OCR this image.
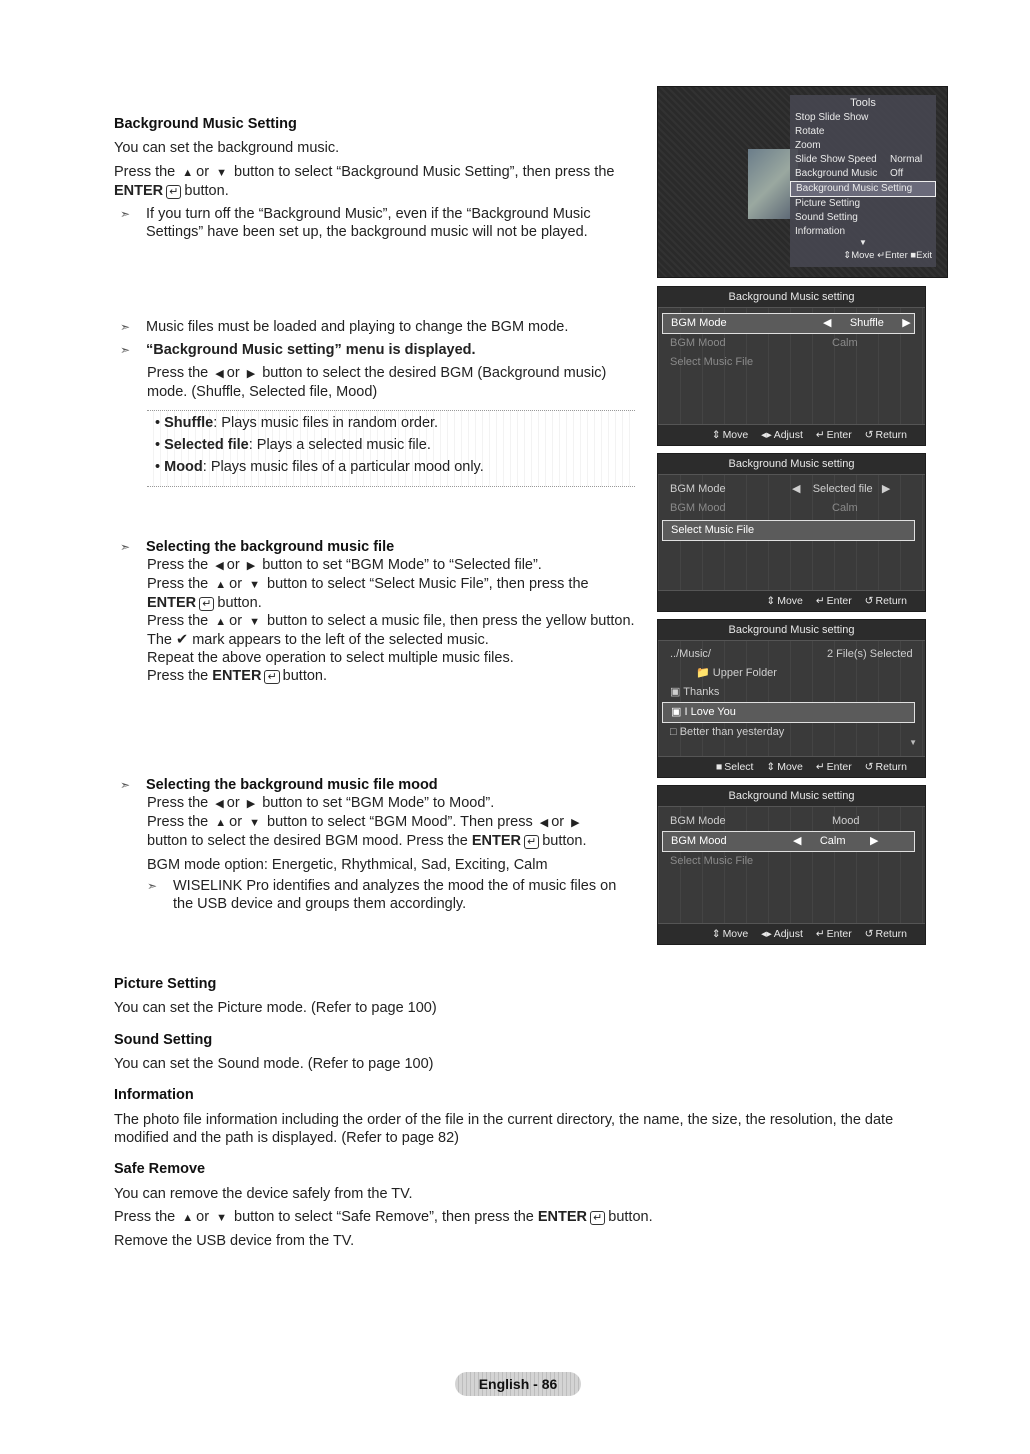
Background Music Setting
You can set the background music.
Press the ▲ or ▼ button to select “Background Music Setting”, then press the
ENTER ↵ button.
➣ If you turn off the “Background Music”, even if the “Background Music Settings” have been set up, the background music will not be played.
Tools
Stop Slide Show
Rotate
Zoom
Slide Show Speed Normal
Background Music Off
Background Music Setting
Picture Setting
Sound Setting
Information
▼
⇕Move ↵Enter ■Exit
➣ Music files must be loaded and playing to change the BGM mode.
➣ “Background Music setting” menu is displayed.
Press the ◀ or ▶ button to select the desired BGM (Background music) mode. (Shuffle, Selected file, Mood)
• Shuffle: Plays music files in random order.
• Selected file: Plays a selected music file.
• Mood: Plays music files of a particular mood only.
Background Music setting
BGM Mode	◀ Shuffle ▶
BGM Mood	Calm
Select Music File
⇕ Move ◂▸ Adjust ↵ Enter ↺ Return
➣ Selecting the background music file
Press the ◀ or ▶ button to set “BGM Mode” to “Selected file”.
Press the ▲ or ▼ button to select “Select Music File”, then press the
ENTER ↵ button.
Press the ▲ or ▼ button to select a music file, then press the yellow button.
The ✔ mark appears to the left of the selected music.
Repeat the above operation to select multiple music files.
Press the ENTER ↵ button.
Background Music setting
BGM Mode	◀ Selected file ▶
BGM Mood	Calm
Select Music File
⇕ Move ↵ Enter ↺ Return
Background Music setting
../Music/	2 File(s) Selected
📁 Upper Folder
▣ Thanks
▣ I Love You
□ Better than yesterday
▼
■ Select ⇕ Move ↵ Enter ↺ Return
➣ Selecting the background music file mood
Press the ◀ or ▶ button to set “BGM Mode” to Mood”.
Press the ▲ or ▼ button to select “BGM Mood”. Then press ◀ or ▶
button to select the desired BGM mood. Press the ENTER ↵ button.
BGM mode option: Energetic, Rhythmical, Sad, Exciting, Calm
➣ WISELINK Pro identifies and analyzes the mood the of music files on the USB device and groups them accordingly.
Background Music setting
BGM Mode	Mood
BGM Mood	◀ Calm ▶
Select Music File
⇕ Move ◂▸ Adjust ↵ Enter ↺ Return
Picture Setting
You can set the Picture mode. (Refer to page 100)
Sound Setting
You can set the Sound mode. (Refer to page 100)
Information
The photo file information including the order of the file in the current directory, the name, the size, the resolution, the date modified and the path is displayed. (Refer to page 82)
Safe Remove
You can remove the device safely from the TV.
Press the ▲ or ▼ button to select “Safe Remove”, then press the ENTER ↵ button.
Remove the USB device from the TV.
English - 86
